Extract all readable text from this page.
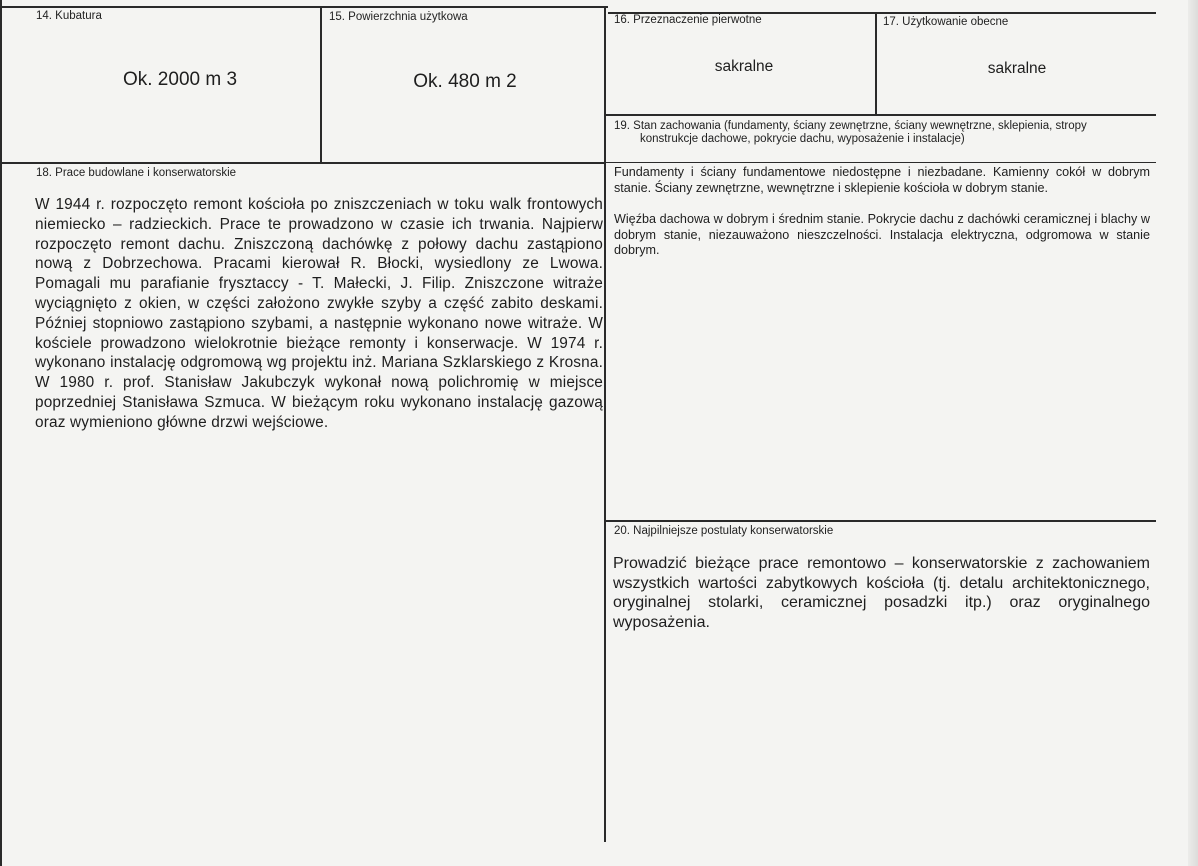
14. Kubatura
Ok. 2000 m 3
15. Powierzchnia użytkowa
Ok. 480 m 2
16. Przeznaczenie pierwotne
sakralne
17. Użytkowanie obecne
sakralne
18. Prace budowlane i konserwatorskie

W 1944 r. rozpoczęto remont kościoła po zniszczeniach w toku walk frontowych niemiecko – radzieckich. Prace te prowadzono w czasie ich trwania. Najpierw rozpoczęto remont dachu. Zniszczoną dachówkę z połowy dachu zastąpiono nową z Dobrzechowa. Pracami kierował R. Błocki, wysiedlony ze Lwowa. Pomagali mu parafianie frysztaccy - T. Małecki, J. Filip. Zniszczone witraże wyciągnięto z okien, w części założono zwykłe szyby a część zabito deskami. Później stopniowo zastąpiono szybami, a następnie wykonano nowe witraże. W kościele prowadzono wielokrotnie bieżące remonty i konserwacje. W 1974 r. wykonano instalację odgromową wg projektu inż. Mariana Szklarskiego z Krosna. W 1980 r. prof. Stanisław Jakubczyk wykonał nową polichromię w miejsce poprzedniej Stanisława Szmuca. W bieżącym roku wykonano instalację gazową oraz wymieniono główne drzwi wejściowe.

19. Stan zachowania (fundamenty, ściany zewnętrzne, ściany wewnętrzne, sklepienia, stropy
konstrukcje dachowe, pokrycie dachu, wyposażenie i instalacje)

Fundamenty i ściany fundamentowe niedostępne i niezbadane. Kamienny cokół w dobrym stanie. Ściany zewnętrzne, wewnętrzne i sklepienie kościoła w dobrym stanie.

Więźba dachowa w dobrym i średnim stanie. Pokrycie dachu z dachówki ceramicznej i blachy w dobrym stanie, niezauważono nieszczelności. Instalacja elektryczna, odgromowa w stanie dobrym.

20. Najpilniejsze postulaty konserwatorskie

Prowadzić bieżące prace remontowo – konserwatorskie z zachowaniem wszystkich wartości zabytkowych kościoła (tj. detalu architektonicznego, oryginalnej stolarki, ceramicznej posadzki itp.) oraz oryginalnego wyposażenia.
